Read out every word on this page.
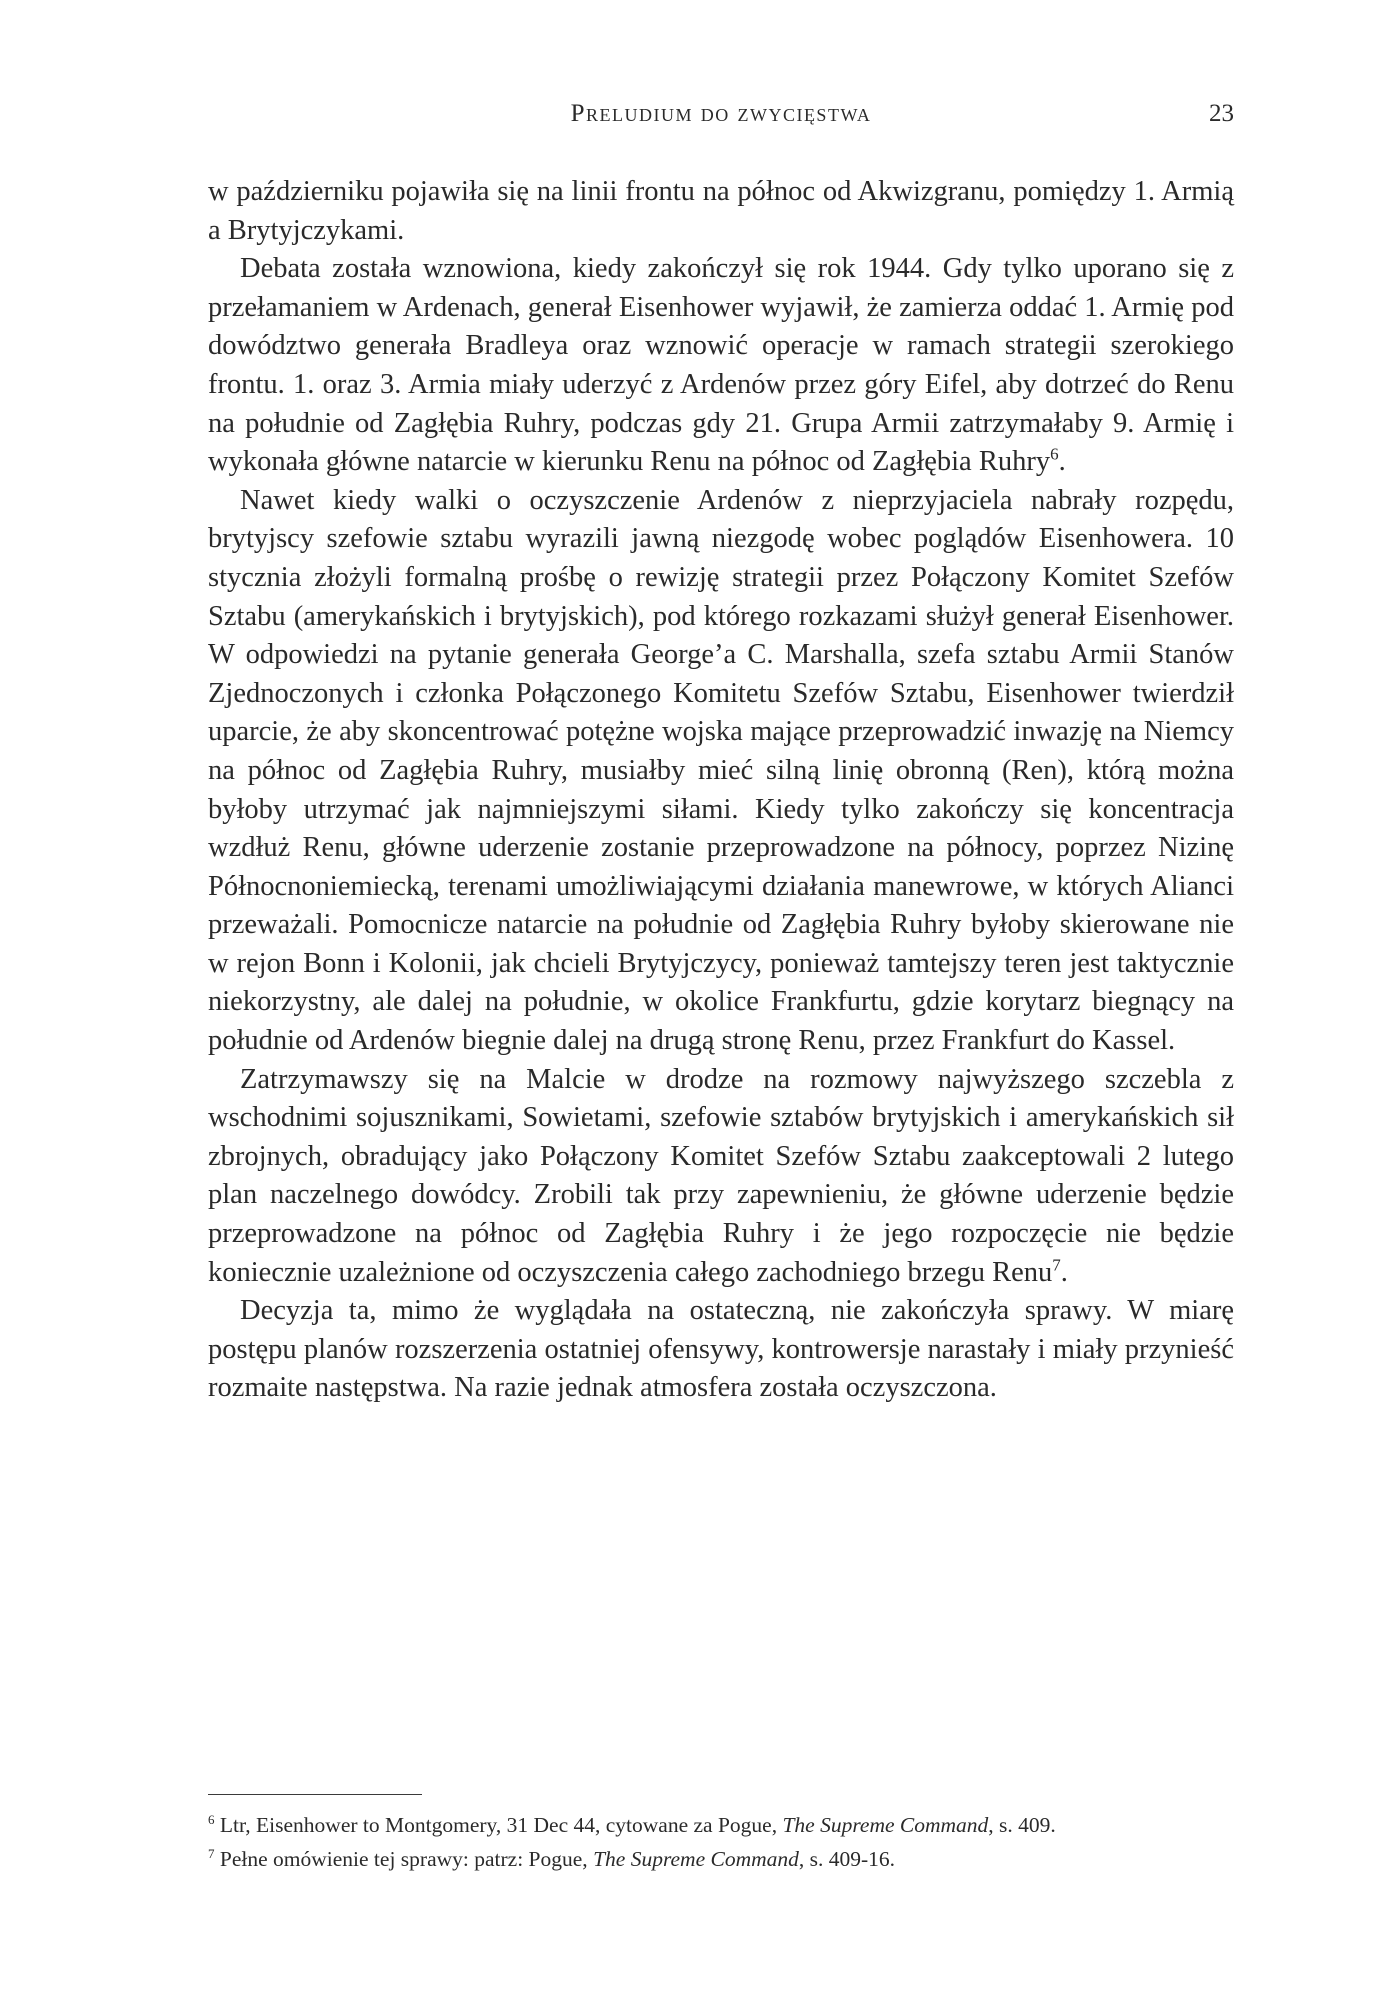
Preludium do zwycięstwa	23

w październiku pojawiła się na linii frontu na północ od Akwizgranu, pomiędzy 1. Armią a Brytyjczykami.

Debata została wznowiona, kiedy zakończył się rok 1944. Gdy tylko uporano się z przełamaniem w Ardenach, generał Eisenhower wyjawił, że zamierza oddać 1. Armię pod dowództwo generała Bradleya oraz wznowić operacje w ramach strategii szerokiego frontu. 1. oraz 3. Armia miały uderzyć z Ardenów przez góry Eifel, aby dotrzeć do Renu na południe od Zagłębia Ruhry, podczas gdy 21. Grupa Armii zatrzymałaby 9. Armię i wykonała główne natarcie w kierunku Renu na północ od Zagłębia Ruhry$^6$.

Nawet kiedy walki o oczyszczenie Ardenów z nieprzyjaciela nabrały rozpędu, brytyjscy szefowie sztabu wyrazili jawną niezgodę wobec poglądów Eisenhowera. 10 stycznia złożyli formalną prośbę o rewizję strategii przez Połączony Komitet Szefów Sztabu (amerykańskich i brytyjskich), pod którego rozkazami służył generał Eisenhower. W odpowiedzi na pytanie generała George’a C. Marshalla, szefa sztabu Armii Stanów Zjednoczonych i członka Połączonego Komitetu Szefów Sztabu, Eisenhower twierdził uparcie, że aby skoncentrować potężne wojska mające przeprowadzić inwazję na Niemcy na północ od Zagłębia Ruhry, musiałby mieć silną linię obronną (Ren), którą można byłoby utrzymać jak najmniejszymi siłami. Kiedy tylko zakończy się koncentracja wzdłuż Renu, główne uderzenie zostanie przeprowadzone na północy, poprzez Nizinę Północnoniemiecką, terenami umożliwiającymi działania manewrowe, w których Alianci przeważali. Pomocnicze natarcie na południe od Zagłębia Ruhry byłoby skierowane nie w rejon Bonn i Kolonii, jak chcieli Brytyjczycy, ponieważ tamtejszy teren jest taktycznie niekorzystny, ale dalej na południe, w okolice Frankfurtu, gdzie korytarz biegnący na południe od Ardenów biegnie dalej na drugą stronę Renu, przez Frankfurt do Kassel.

Zatrzymawszy się na Malcie w drodze na rozmowy najwyższego szczebla z wschodnimi sojusznikami, Sowietami, szefowie sztabów brytyjskich i amerykańskich sił zbrojnych, obradujący jako Połączony Komitet Szefów Sztabu zaakceptowali 2 lutego plan naczelnego dowódcy. Zrobili tak przy zapewnieniu, że główne uderzenie będzie przeprowadzone na północ od Zagłębia Ruhry i że jego rozpoczęcie nie będzie koniecznie uzależnione od oczyszczenia całego zachodniego brzegu Renu$^7$.

Decyzja ta, mimo że wyglądała na ostateczną, nie zakończyła sprawy. W miarę postępu planów rozszerzenia ostatniej ofensywy, kontrowersje narastały i miały przynieść rozmaite następstwa. Na razie jednak atmosfera została oczyszczona.

$^6$ Ltr, Eisenhower to Montgomery, 31 Dec 44, cytowane za Pogue, The Supreme Command, s. 409.

$^7$ Pełne omówienie tej sprawy: patrz: Pogue, The Supreme Command, s. 409-16.
